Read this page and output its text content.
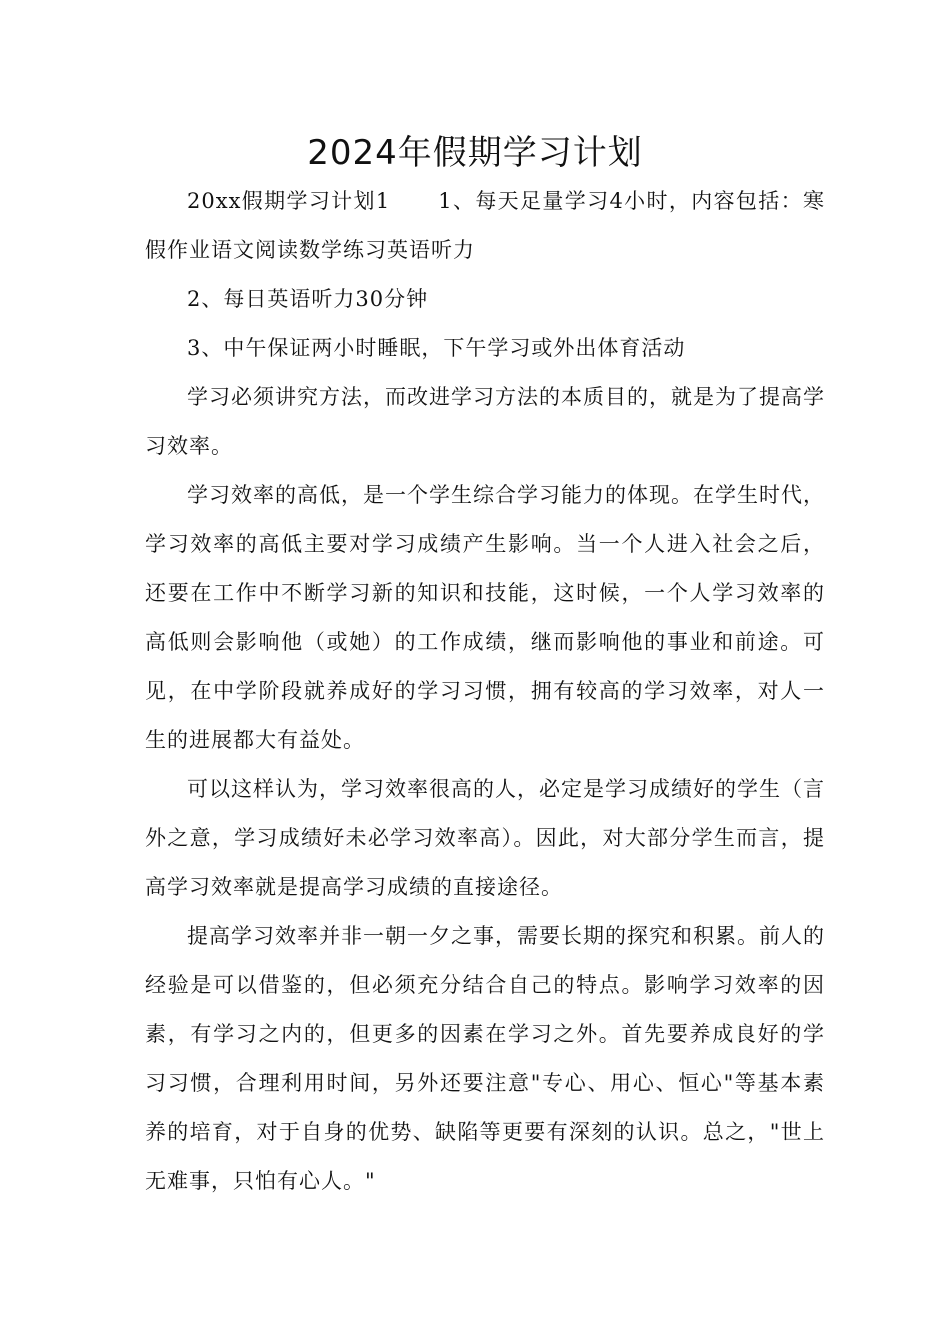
2024年假期学习计划

20xx假期学习计划1 1、每天足量学习4小时，内容包括：寒假作业语文阅读数学练习英语听力

2、每日英语听力30分钟

3、中午保证两小时睡眠，下午学习或外出体育活动

学习必须讲究方法，而改进学习方法的本质目的，就是为了提高学习效率。

学习效率的高低，是一个学生综合学习能力的体现。在学生时代，学习效率的高低主要对学习成绩产生影响。当一个人进入社会之后，还要在工作中不断学习新的知识和技能，这时候，一个人学习效率的高低则会影响他（或她）的工作成绩，继而影响他的事业和前途。可见，在中学阶段就养成好的学习习惯，拥有较高的学习效率，对人一生的进展都大有益处。

可以这样认为，学习效率很高的人，必定是学习成绩好的学生（言外之意，学习成绩好未必学习效率高）。因此，对大部分学生而言，提高学习效率就是提高学习成绩的直接途径。

提高学习效率并非一朝一夕之事，需要长期的探究和积累。前人的经验是可以借鉴的，但必须充分结合自己的特点。影响学习效率的因素，有学习之内的，但更多的因素在学习之外。首先要养成良好的学习习惯，合理利用时间，另外还要注意"专心、用心、恒心"等基本素养的培育，对于自身的优势、缺陷等更要有深刻的认识。总之，"世上无难事，只怕有心人。"
